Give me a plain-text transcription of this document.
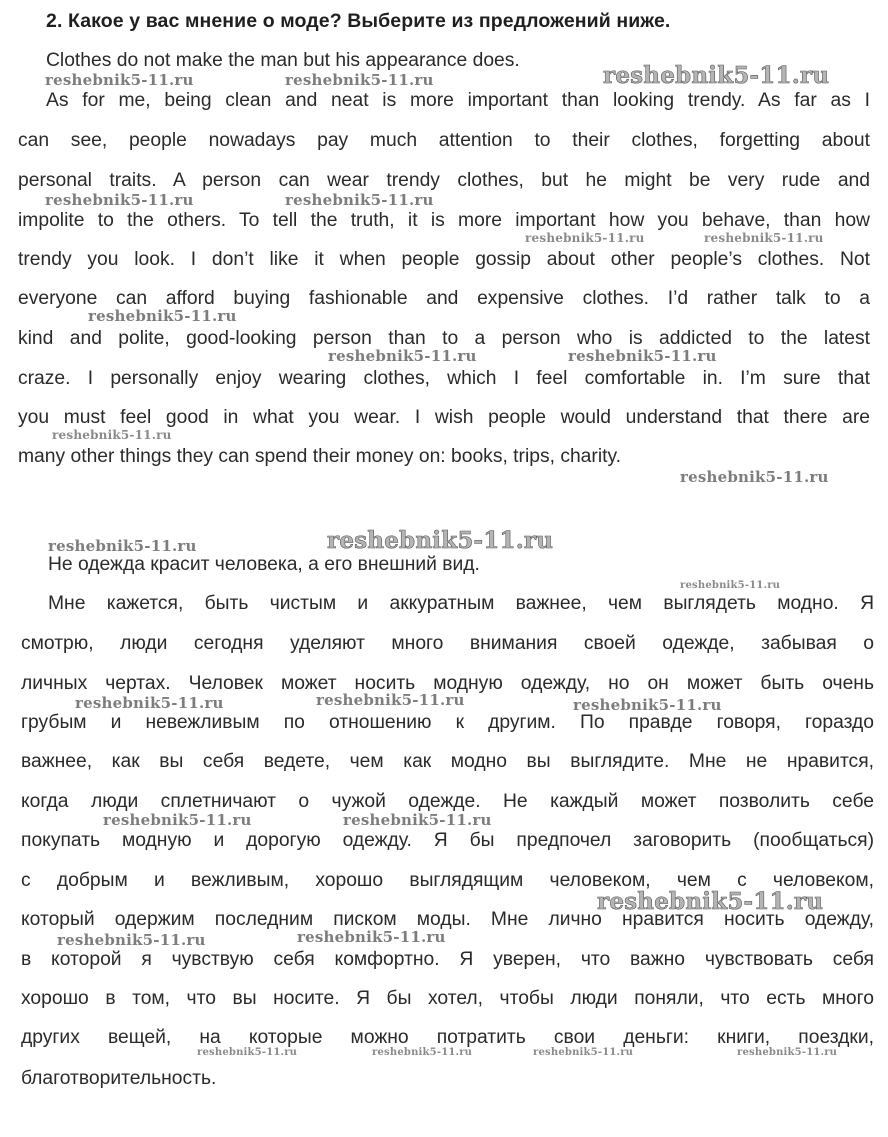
2. Какое у вас мнение о моде? Выберите из предложений ниже.
Clothes do not make the man but his appearance does.
As for me, being clean and neat is more important than looking trendy. As far as I
can see, people nowadays pay much attention to their clothes, forgetting about
personal traits. A person can wear trendy clothes, but he might be very rude and
impolite to the others. To tell the truth, it is more important how you behave, than how
trendy you look. I don’t like it when people gossip about other people’s clothes. Not
everyone can afford buying fashionable and expensive clothes. I’d rather talk to a
kind and polite, good-looking person than to a person who is addicted to the latest
craze. I personally enjoy wearing clothes, which I feel comfortable in. I’m sure that
you must feel good in what you wear. I wish people would understand that there are
many other things they can spend their money on: books, trips, charity.
Не одежда красит человека, а его внешний вид.
Мне кажется, быть чистым и аккуратным важнее, чем выглядеть модно. Я
смотрю, люди сегодня уделяют много внимания своей одежде, забывая о
личных чертах. Человек может носить модную одежду, но он может быть очень
грубым и невежливым по отношению к другим. По правде говоря, гораздо
важнее, как вы себя ведете, чем как модно вы выглядите. Мне не нравится,
когда люди сплетничают о чужой одежде. Не каждый может позволить себе
покупать модную и дорогую одежду. Я бы предпочел заговорить (пообщаться)
с добрым и вежливым, хорошо выглядящим человеком, чем с человеком,
который одержим последним писком моды. Мне лично нравится носить одежду,
в которой я чувствую себя комфортно. Я уверен, что важно чувствовать себя
хорошо в том, что вы носите. Я бы хотел, чтобы люди поняли, что есть много
других вещей, на которые можно потратить свои деньги: книги, поездки,
благотворительность.
reshebnik5-11.ru	reshebnik5-11.ru	reshebnik5-11.ru
reshebnik5-11.ru	reshebnik5-11.ru
reshebnik5-11.ru	reshebnik5-11.ru
reshebnik5-11.ru
reshebnik5-11.ru	reshebnik5-11.ru
reshebnik5-11.ru
reshebnik5-11.ru
reshebnik5-11.ru	reshebnik5-11.ru
reshebnik5-11.ru
reshebnik5-11.ru	reshebnik5-11.ru	reshebnik5-11.ru
reshebnik5-11.ru	reshebnik5-11.ru
reshebnik5-11.ru
reshebnik5-11.ru	reshebnik5-11.ru
reshebnik5-11.ru	reshebnik5-11.ru	reshebnik5-11.ru	reshebnik5-11.ru
